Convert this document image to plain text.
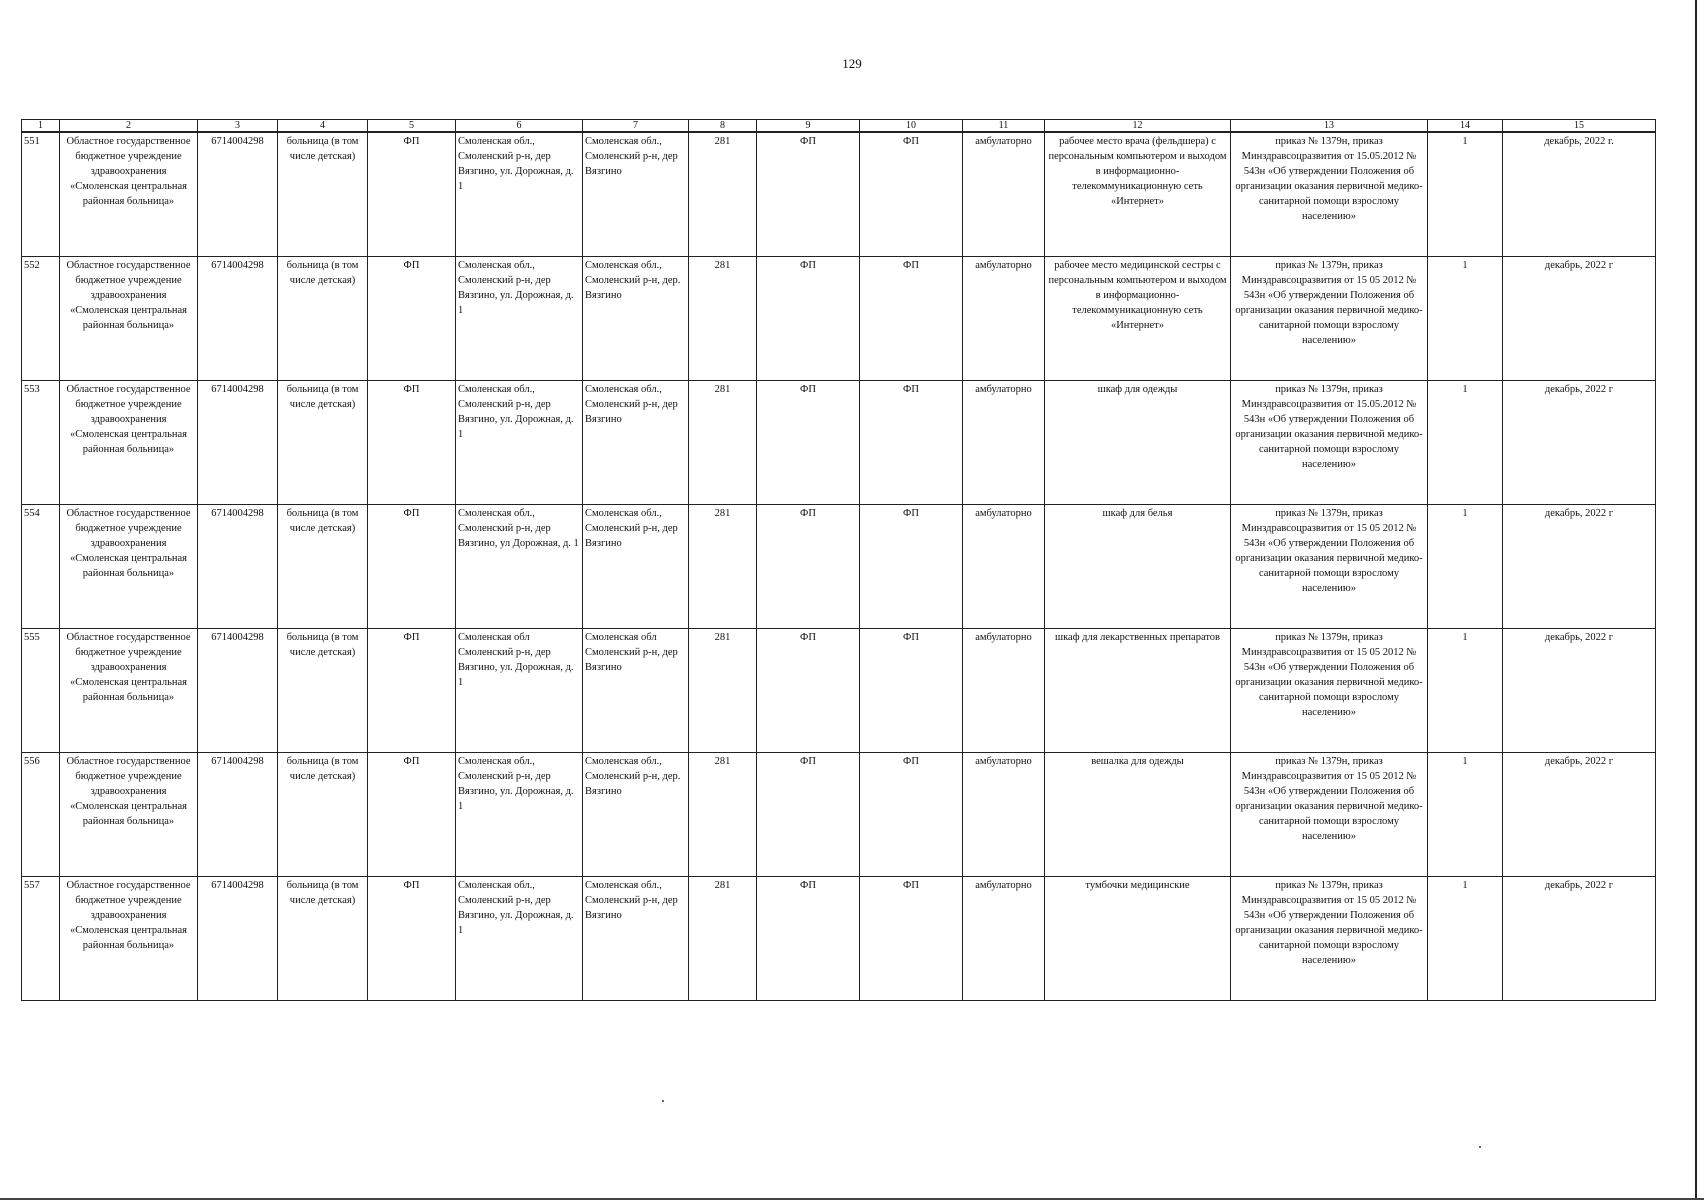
129
1	2	3	4	5	6	7	8	9	10	11	12	13	14	15
551	Областное государственное бюджетное учреждение здравоохранения «Смоленская центральная районная больница»	6714004298	больница (в том числе детская)	ФП	Смоленская обл., Смоленский р-н, дер Вязгино, ул. Дорожная, д. 1	Смоленская обл., Смоленский р-н, дер Вязгино	281	ФП	ФП	амбулаторно	рабочее место врача (фельдшера) с персональным компьютером и выходом в информационно-телекоммуникационную сеть «Интернет»	приказ № 1379н, приказ Минздравсоцразвития от 15.05.2012 № 543н «Об утверждении Положения об организации оказания первичной медико-санитарной помощи взрослому населению»	1	декабрь, 2022 г.
552	Областное государственное бюджетное учреждение здравоохранения «Смоленская центральная районная больница»	6714004298	больница (в том числе детская)	ФП	Смоленская обл., Смоленский р-н, дер Вязгино, ул. Дорожная, д. 1	Смоленская обл., Смоленский р-н, дер. Вязгино	281	ФП	ФП	амбулаторно	рабочее место медицинской сестры с персональным компьютером и выходом в информационно-телекоммуникационную сеть «Интернет»	приказ № 1379н, приказ Минздравсоцразвития от 15 05 2012 № 543н «Об утверждении Положения об организации оказания первичной медико-санитарной помощи взрослому населению»	1	декабрь, 2022 г
553	Областное государственное бюджетное учреждение здравоохранения «Смоленская центральная районная больница»	6714004298	больница (в том числе детская)	ФП	Смоленская обл., Смоленский р-н, дер Вязгино, ул. Дорожная, д. 1	Смоленская обл., Смоленский р-н, дер Вязгино	281	ФП	ФП	амбулаторно	шкаф для одежды	приказ № 1379н, приказ Минздравсоцразвития от 15.05.2012 № 543н «Об утверждении Положения об организации оказания первичной медико-санитарной помощи взрослому населению»	1	декабрь, 2022 г
554	Областное государственное бюджетное учреждение здравоохранения «Смоленская центральная районная больница»	6714004298	больница (в том числе детская)	ФП	Смоленская обл., Смоленский р-н, дер Вязгино, ул Дорожная, д. 1	Смоленская обл., Смоленский р-н, дер Вязгино	281	ФП	ФП	амбулаторно	шкаф для белья	приказ № 1379н, приказ Минздравсоцразвития от 15 05 2012 № 543н «Об утверждении Положения об организации оказания первичной медико-санитарной помощи взрослому населению»	1	декабрь, 2022 г
555	Областное государственное бюджетное учреждение здравоохранения «Смоленская центральная районная больница»	6714004298	больница (в том числе детская)	ФП	Смоленская обл Смоленский р-н, дер Вязгино, ул. Дорожная, д. 1	Смоленская обл Смоленский р-н, дер Вязгино	281	ФП	ФП	амбулаторно	шкаф для лекарственных препаратов	приказ № 1379н, приказ Минздравсоцразвития от 15 05 2012 № 543н «Об утверждении Положения об организации оказания первичной медико-санитарной помощи взрослому населению»	1	декабрь, 2022 г
556	Областное государственное бюджетное учреждение здравоохранения «Смоленская центральная районная больница»	6714004298	больница (в том числе детская)	ФП	Смоленская обл., Смоленский р-н, дер Вязгино, ул. Дорожная, д. 1	Смоленская обл., Смоленский р-н, дер. Вязгино	281	ФП	ФП	амбулаторно	вешалка для одежды	приказ № 1379н, приказ Минздравсоцразвития от 15 05 2012 № 543н «Об утверждении Положения об организации оказания первичной медико-санитарной помощи взрослому населению»	1	декабрь, 2022 г
557	Областное государственное бюджетное учреждение здравоохранения «Смоленская центральная районная больница»	6714004298	больница (в том числе детская)	ФП	Смоленская обл., Смоленский р-н, дер Вязгино, ул. Дорожная, д. 1	Смоленская обл., Смоленский р-н, дер Вязгино	281	ФП	ФП	амбулаторно	тумбочки медицинские	приказ № 1379н, приказ Минздравсоцразвития от 15 05 2012 № 543н «Об утверждении Положения об организации оказания первичной медико-санитарной помощи взрослому населению»	1	декабрь, 2022 г
